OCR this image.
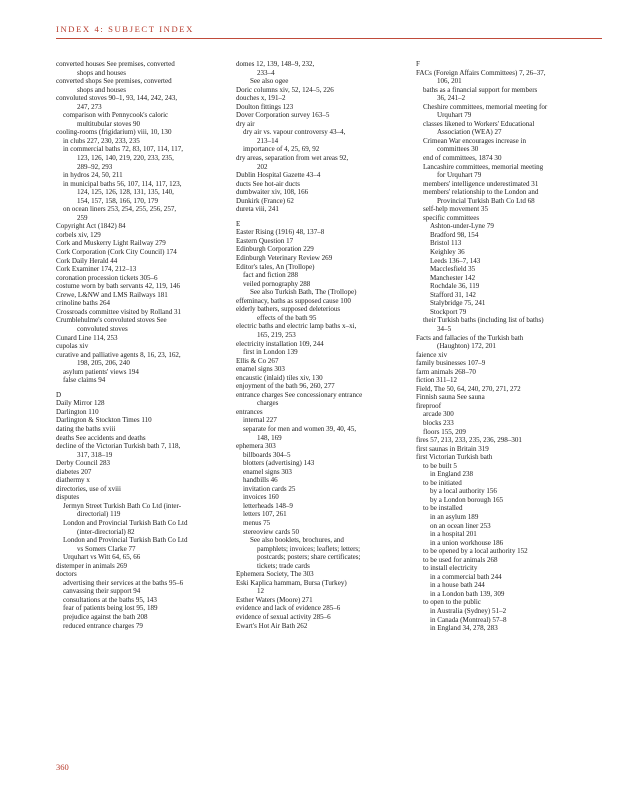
INDEX 4: SUBJECT INDEX
converted houses See premises, converted
shops and houses
converted shops See premises, converted
shops and houses
convoluted stoves 90–1, 93, 144, 242, 243,
247, 273
comparison with Pennycook's caloric
multitubular stoves 90
cooling-rooms (frigidarium) viii, 10, 130
in clubs 227, 230, 233, 235
in commercial baths 72, 83, 107, 114, 117,
123, 126, 140, 219, 220, 233, 235,
289–92, 293
in hydros 24, 50, 211
in municipal baths 56, 107, 114, 117, 123,
124, 125, 126, 128, 131, 135, 140,
154, 157, 158, 166, 170, 179
on ocean liners 253, 254, 255, 256, 257,
259
Copyright Act (1842) 84
corbels xiv, 129
Cork and Muskerry Light Railway 279
Cork Corporation (Cork City Council) 174
Cork Daily Herald 44
Cork Examiner 174, 212–13
coronation procession tickets 305–6
costume worn by bath servants 42, 119, 146
Crewe, L&NW and LMS Railways 181
crinoline baths 264
Crossroads committee visited by Rolland 31
Crumblehulme's convoluted stoves See
convoluted stoves
Cunard Line 114, 253
cupolas xiv
curative and palliative agents 8, 16, 23, 162,
198, 205, 206, 240
asylum patients' views 194
false claims 94
D
Daily Mirror 128
Darlington 110
Darlington & Stockton Times 110
dating the baths xviii
deaths See accidents and deaths
decline of the Victorian Turkish bath 7, 118,
317, 318–19
Derby Council 283
diabetes 207
diathermy x
directories, use of xviii
disputes
Jermyn Street Turkish Bath Co Ltd (inter-
directorial) 119
London and Provincial Turkish Bath Co Ltd
(inter-directorial) 82
London and Provincial Turkish Bath Co Ltd
vs Somers Clarke 77
Urquhart vs Witt 64, 65, 66
distemper in animals 269
doctors
advertising their services at the baths 95–6
canvassing their support 94
consultations at the baths 95, 143
fear of patients being lost 95, 189
prejudice against the bath 208
reduced entrance charges 79
domes 12, 139, 148–9, 232,
233–4
See also ogee
Doric columns xiv, 52, 124–5, 226
douches x, 191–2
Doulton fittings 123
Dover Corporation survey 163–5
dry air
dry air vs. vapour controversy 43–4,
213–14
importance of 4, 25, 69, 92
dry areas, separation from wet areas 92,
202
Dublin Hospital Gazette 43–4
ducts See hot-air ducts
dumbwaiter xiv, 108, 166
Dunkirk (France) 62
dureta viii, 241
E
Easter Rising (1916) 48, 137–8
Eastern Question 17
Edinburgh Corporation 229
Edinburgh Veterinary Review 269
Editor's tales, An (Trollope)
fact and fiction 288
veiled pornography 288
See also Turkish Bath, The (Trollope)
effeminacy, baths as supposed cause 100
elderly bathers, supposed deleterious
effects of the bath 95
electric baths and electric lamp baths x–xi,
165, 219, 253
electricity installation 109, 244
first in London 139
Ellis & Co 267
enamel signs 303
encaustic (inlaid) tiles xiv, 130
enjoyment of the bath 96, 260, 277
entrance charges See concessionary entrance
charges
entrances
internal 227
separate for men and women 39, 40, 45,
148, 169
ephemera 303
billboards 304–5
blotters (advertising) 143
enamel signs 303
handbills 46
invitation cards 25
invoices 160
letterheads 148–9
letters 107, 261
menus 75
stereoview cards 50
See also booklets, brochures, and
pamphlets; invoices; leaflets; letters;
postcards; posters; share certificates;
tickets; trade cards
Ephemera Society, The 303
Eski Kaplica hammam, Bursa (Turkey)
12
Esther Waters (Moore) 271
evidence and lack of evidence 285–6
evidence of sexual activity 285–6
Ewart's Hot Air Bath 262
F
FACs (Foreign Affairs Committees) 7, 26–37,
106, 201
baths as a financial support for members
36, 241–2
Cheshire committees, memorial meeting for
Urquhart 79
classes likened to Workers' Educational
Association (WEA) 27
Crimean War encourages increase in
committees 30
end of committees, 1874 30
Lancashire committees, memorial meeting
for Urquhart 79
members' intelligence underestimated 31
members' relationship to the London and
Provincial Turkish Bath Co Ltd 68
self-help movement 35
specific committees
Ashton-under-Lyne 79
Bradford 98, 154
Bristol 113
Keighley 36
Leeds 136–7, 143
Macclesfield 35
Manchester 142
Rochdale 36, 119
Stafford 31, 142
Stalybridge 75, 241
Stockport 79
their Turkish baths (including list of baths)
34–5
Facts and fallacies of the Turkish bath
(Haughton) 172, 201
faience xiv
family businesses 107–9
farm animals 268–70
fiction 311–12
Field, The 50, 64, 240, 270, 271, 272
Finnish sauna See sauna
fireproof
arcade 300
blocks 233
floors 155, 209
fires 57, 213, 233, 235, 236, 298–301
first saunas in Britain 319
first Victorian Turkish bath
to be built 5
in England 238
to be initiated
by a local authority 156
by a London borough 165
to be installed
in an asylum 189
on an ocean liner 253
in a hospital 201
in a union workhouse 186
to be opened by a local authority 152
to be used for animals 268
to install electricity
in a commercial bath 244
in a house bath 244
in a London bath 139, 309
to open to the public
in Australia (Sydney) 51–2
in Canada (Montreal) 57–8
in England 34, 278, 283
360
